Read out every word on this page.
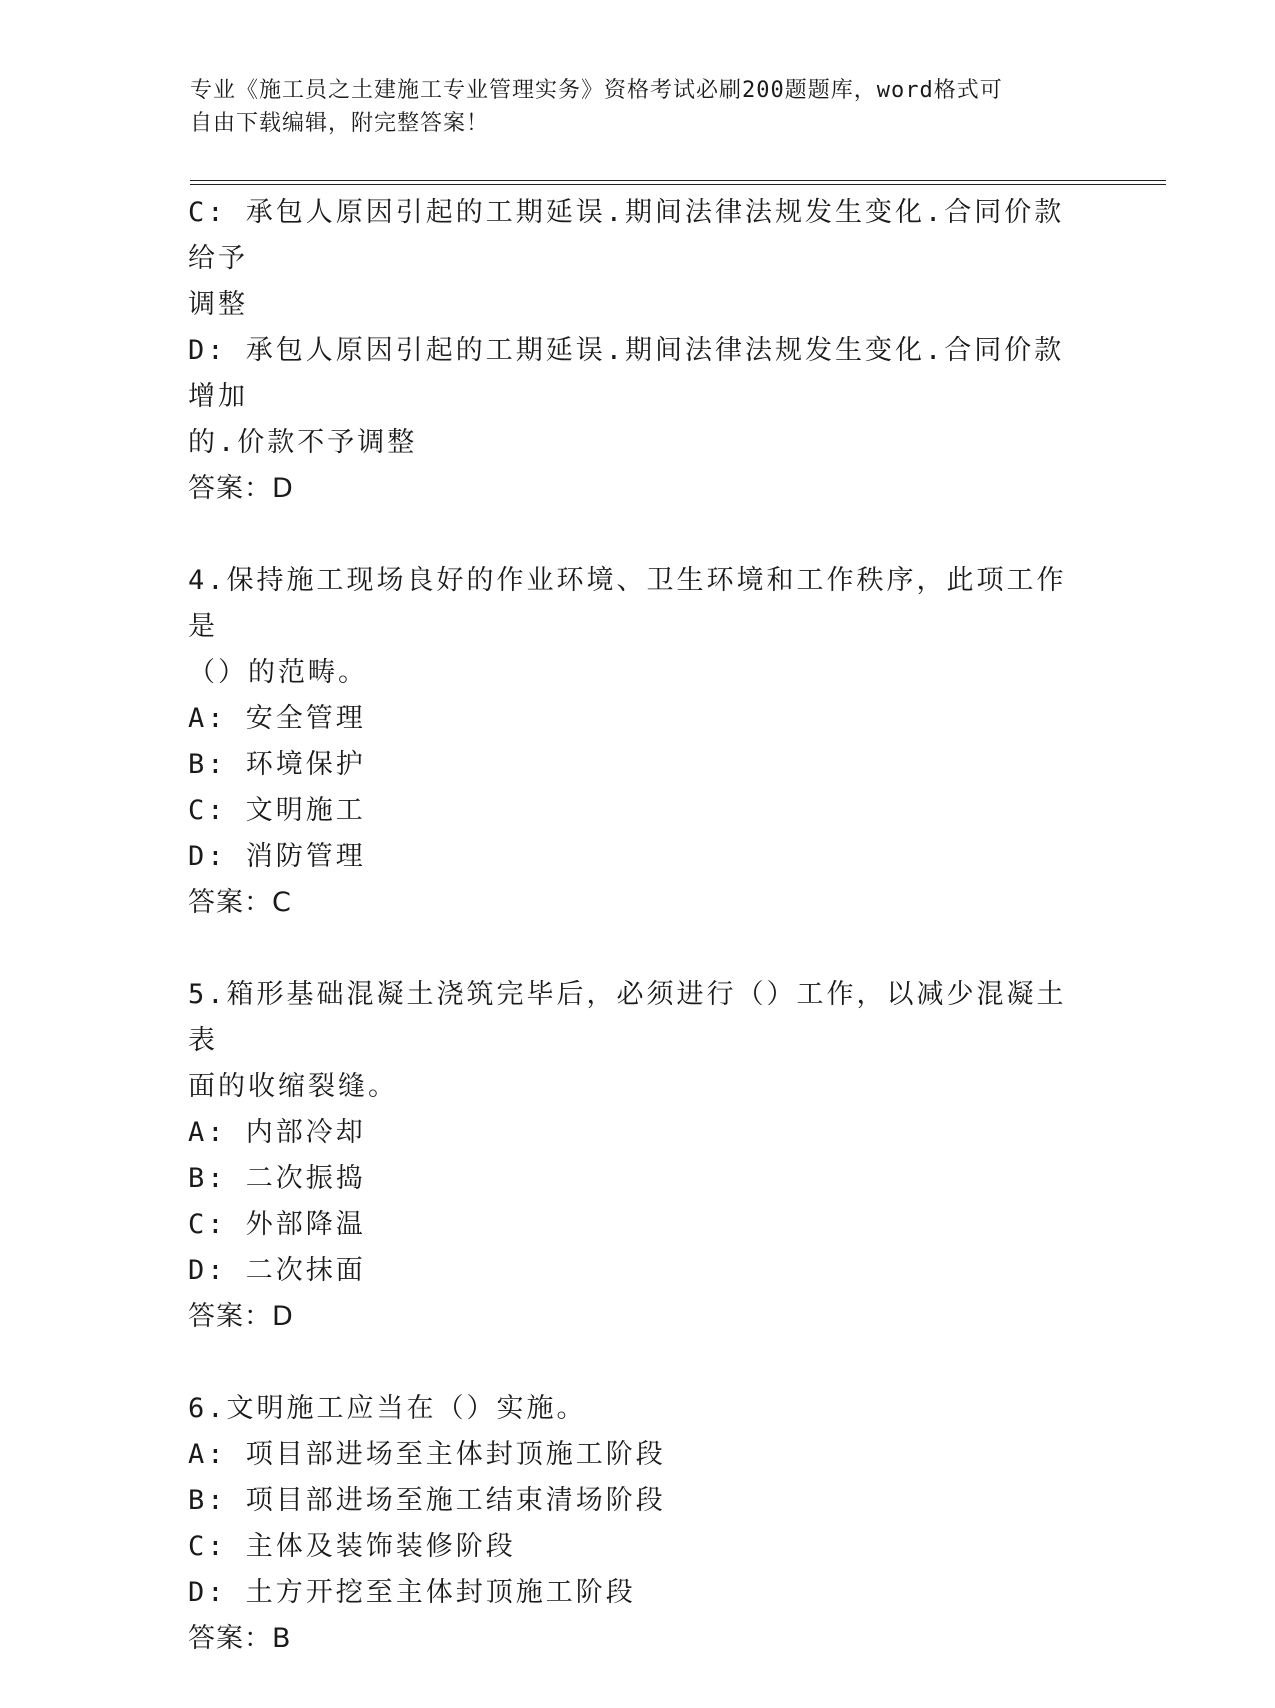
专业《施工员之土建施工专业管理实务》资格考试必刷200题题库，word格式可
自由下载编辑，附完整答案！
C: 承包人原因引起的工期延误.期间法律法规发生变化.合同价款给予
调整
D: 承包人原因引起的工期延误.期间法律法规发生变化.合同价款增加
的.价款不予调整
答案：D
4.保持施工现场良好的作业环境、卫生环境和工作秩序，此项工作是
（）的范畴。
A: 安全管理
B: 环境保护
C: 文明施工
D: 消防管理
答案：C
5.箱形基础混凝土浇筑完毕后，必须进行（）工作，以减少混凝土表
面的收缩裂缝。
A: 内部冷却
B: 二次振捣
C: 外部降温
D: 二次抹面
答案：D
6.文明施工应当在（）实施。
A: 项目部进场至主体封顶施工阶段
B: 项目部进场至施工结束清场阶段
C: 主体及装饰装修阶段
D: 土方开挖至主体封顶施工阶段
答案：B
